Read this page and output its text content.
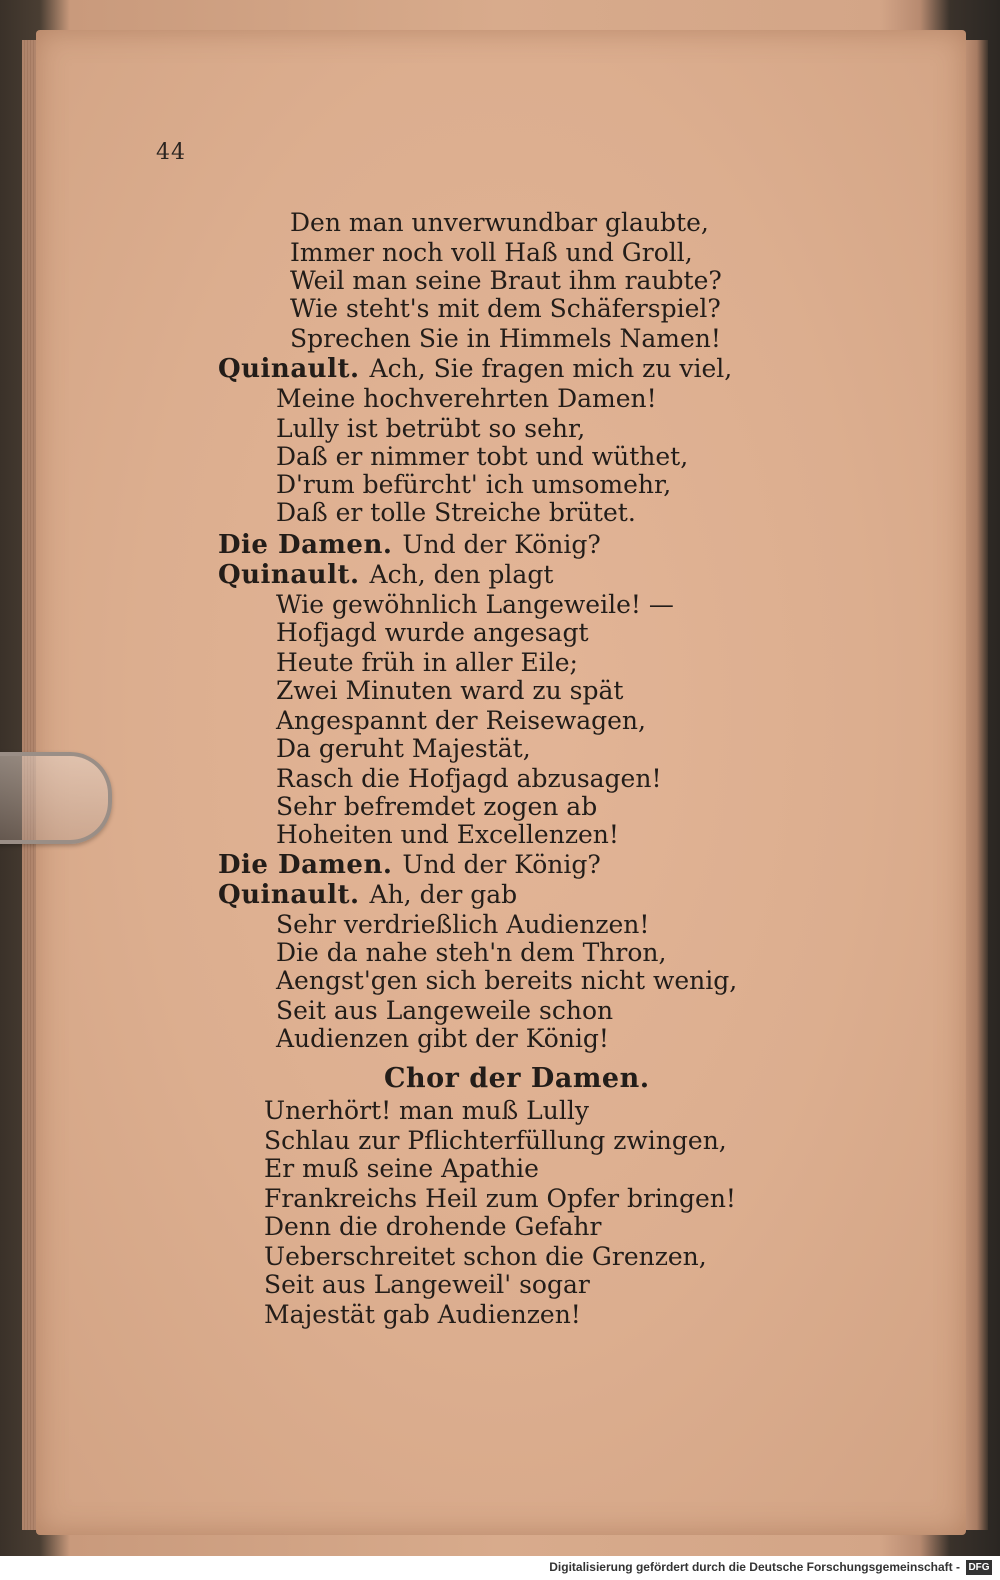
44
Den man unverwundbar glaubte,
Immer noch voll Haß und Groll,
Weil man seine Braut ihm raubte?
Wie steht's mit dem Schäferspiel?
Sprechen Sie in Himmels Namen!
Quinault. Ach, Sie fragen mich zu viel,
Meine hochverehrten Damen!
Lully ist betrübt so sehr,
Daß er nimmer tobt und wüthet,
D'rum befürcht' ich umsomehr,
Daß er tolle Streiche brütet.
Die Damen. Und der König?
Quinault. Ach, den plagt
Wie gewöhnlich Langeweile! —
Hofjagd wurde angesagt
Heute früh in aller Eile;
Zwei Minuten ward zu spät
Angespannt der Reisewagen,
Da geruht Majestät,
Rasch die Hofjagd abzusagen!
Sehr befremdet zogen ab
Hoheiten und Excellenzen!
Die Damen. Und der König?
Quinault. Ah, der gab
Sehr verdrießlich Audienzen!
Die da nahe steh'n dem Thron,
Aengst'gen sich bereits nicht wenig,
Seit aus Langeweile schon
Audienzen gibt der König!
Chor der Damen.
Unerhört! man muß Lully
Schlau zur Pflichterfüllung zwingen,
Er muß seine Apathie
Frankreichs Heil zum Opfer bringen!
Denn die drohende Gefahr
Ueberschreitet schon die Grenzen,
Seit aus Langeweil' sogar
Majestät gab Audienzen!
Digitalisierung gefördert durch die Deutsche Forschungsgemeinschaft - DFG
